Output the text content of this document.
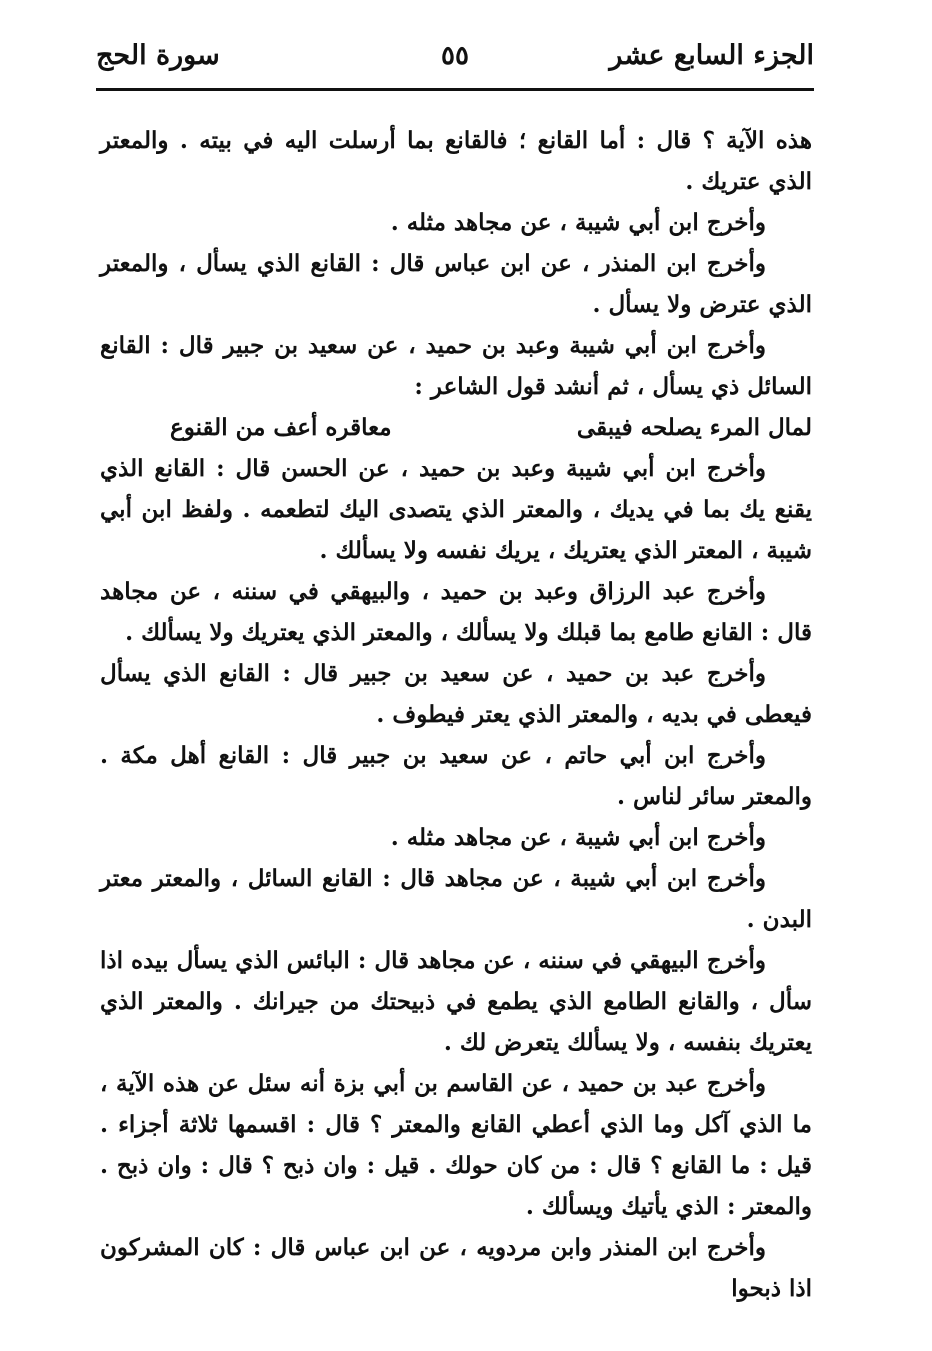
الجزء السابع عشر
٥٥
سورة الحج

هذه الآية ؟ قال : أما القانع ؛ فالقانع بما أرسلت اليه في بيته . والمعتر الذي عتريك .

وأخرج ابن أبي شيبة ، عن مجاهد مثله .

وأخرج ابن المنذر ، عن ابن عباس قال : القانع الذي يسأل ، والمعتر الذي عترض ولا يسأل .

وأخرج ابن أبي شيبة وعبد بن حميد ، عن سعيد بن جبير قال : القانع السائل ذي يسأل ، ثم أنشد قول الشاعر :

لمال المرء يصلحه فيبقى
معاقره أعف من القنوع

وأخرج ابن أبي شيبة وعبد بن حميد ، عن الحسن قال : القانع الذي يقنع يك بما في يديك ، والمعتر الذي يتصدى اليك لتطعمه . ولفظ ابن أبي شيبة ، المعتر الذي يعتريك ، يريك نفسه ولا يسألك .

وأخرج عبد الرزاق وعبد بن حميد ، والبيهقي في سننه ، عن مجاهد قال : القانع طامع بما قبلك ولا يسألك ، والمعتر الذي يعتريك ولا يسألك .

وأخرج عبد بن حميد ، عن سعيد بن جبير قال : القانع الذي يسأل فيعطى في بديه ، والمعتر الذي يعتر فيطوف .

وأخرج ابن أبي حاتم ، عن سعيد بن جبير قال : القانع أهل مكة . والمعتر سائر لناس .

وأخرج ابن أبي شيبة ، عن مجاهد مثله .

وأخرج ابن أبي شيبة ، عن مجاهد قال : القانع السائل ، والمعتر معتر البدن .

وأخرج البيهقي في سننه ، عن مجاهد قال : البائس الذي يسأل بيده اذا سأل ، والقانع الطامع الذي يطمع في ذبيحتك من جيرانك . والمعتر الذي يعتريك بنفسه ، ولا يسألك يتعرض لك .

وأخرج عبد بن حميد ، عن القاسم بن أبي بزة أنه سئل عن هذه الآية ، ما الذي آكل وما الذي أعطي القانع والمعتر ؟ قال : اقسمها ثلاثة أجزاء . قيل : ما القانع ؟ قال : من كان حولك . قيل : وان ذبح ؟ قال : وان ذبح . والمعتر : الذي يأتيك ويسألك .

وأخرج ابن المنذر وابن مردويه ، عن ابن عباس قال : كان المشركون اذا ذبحوا
